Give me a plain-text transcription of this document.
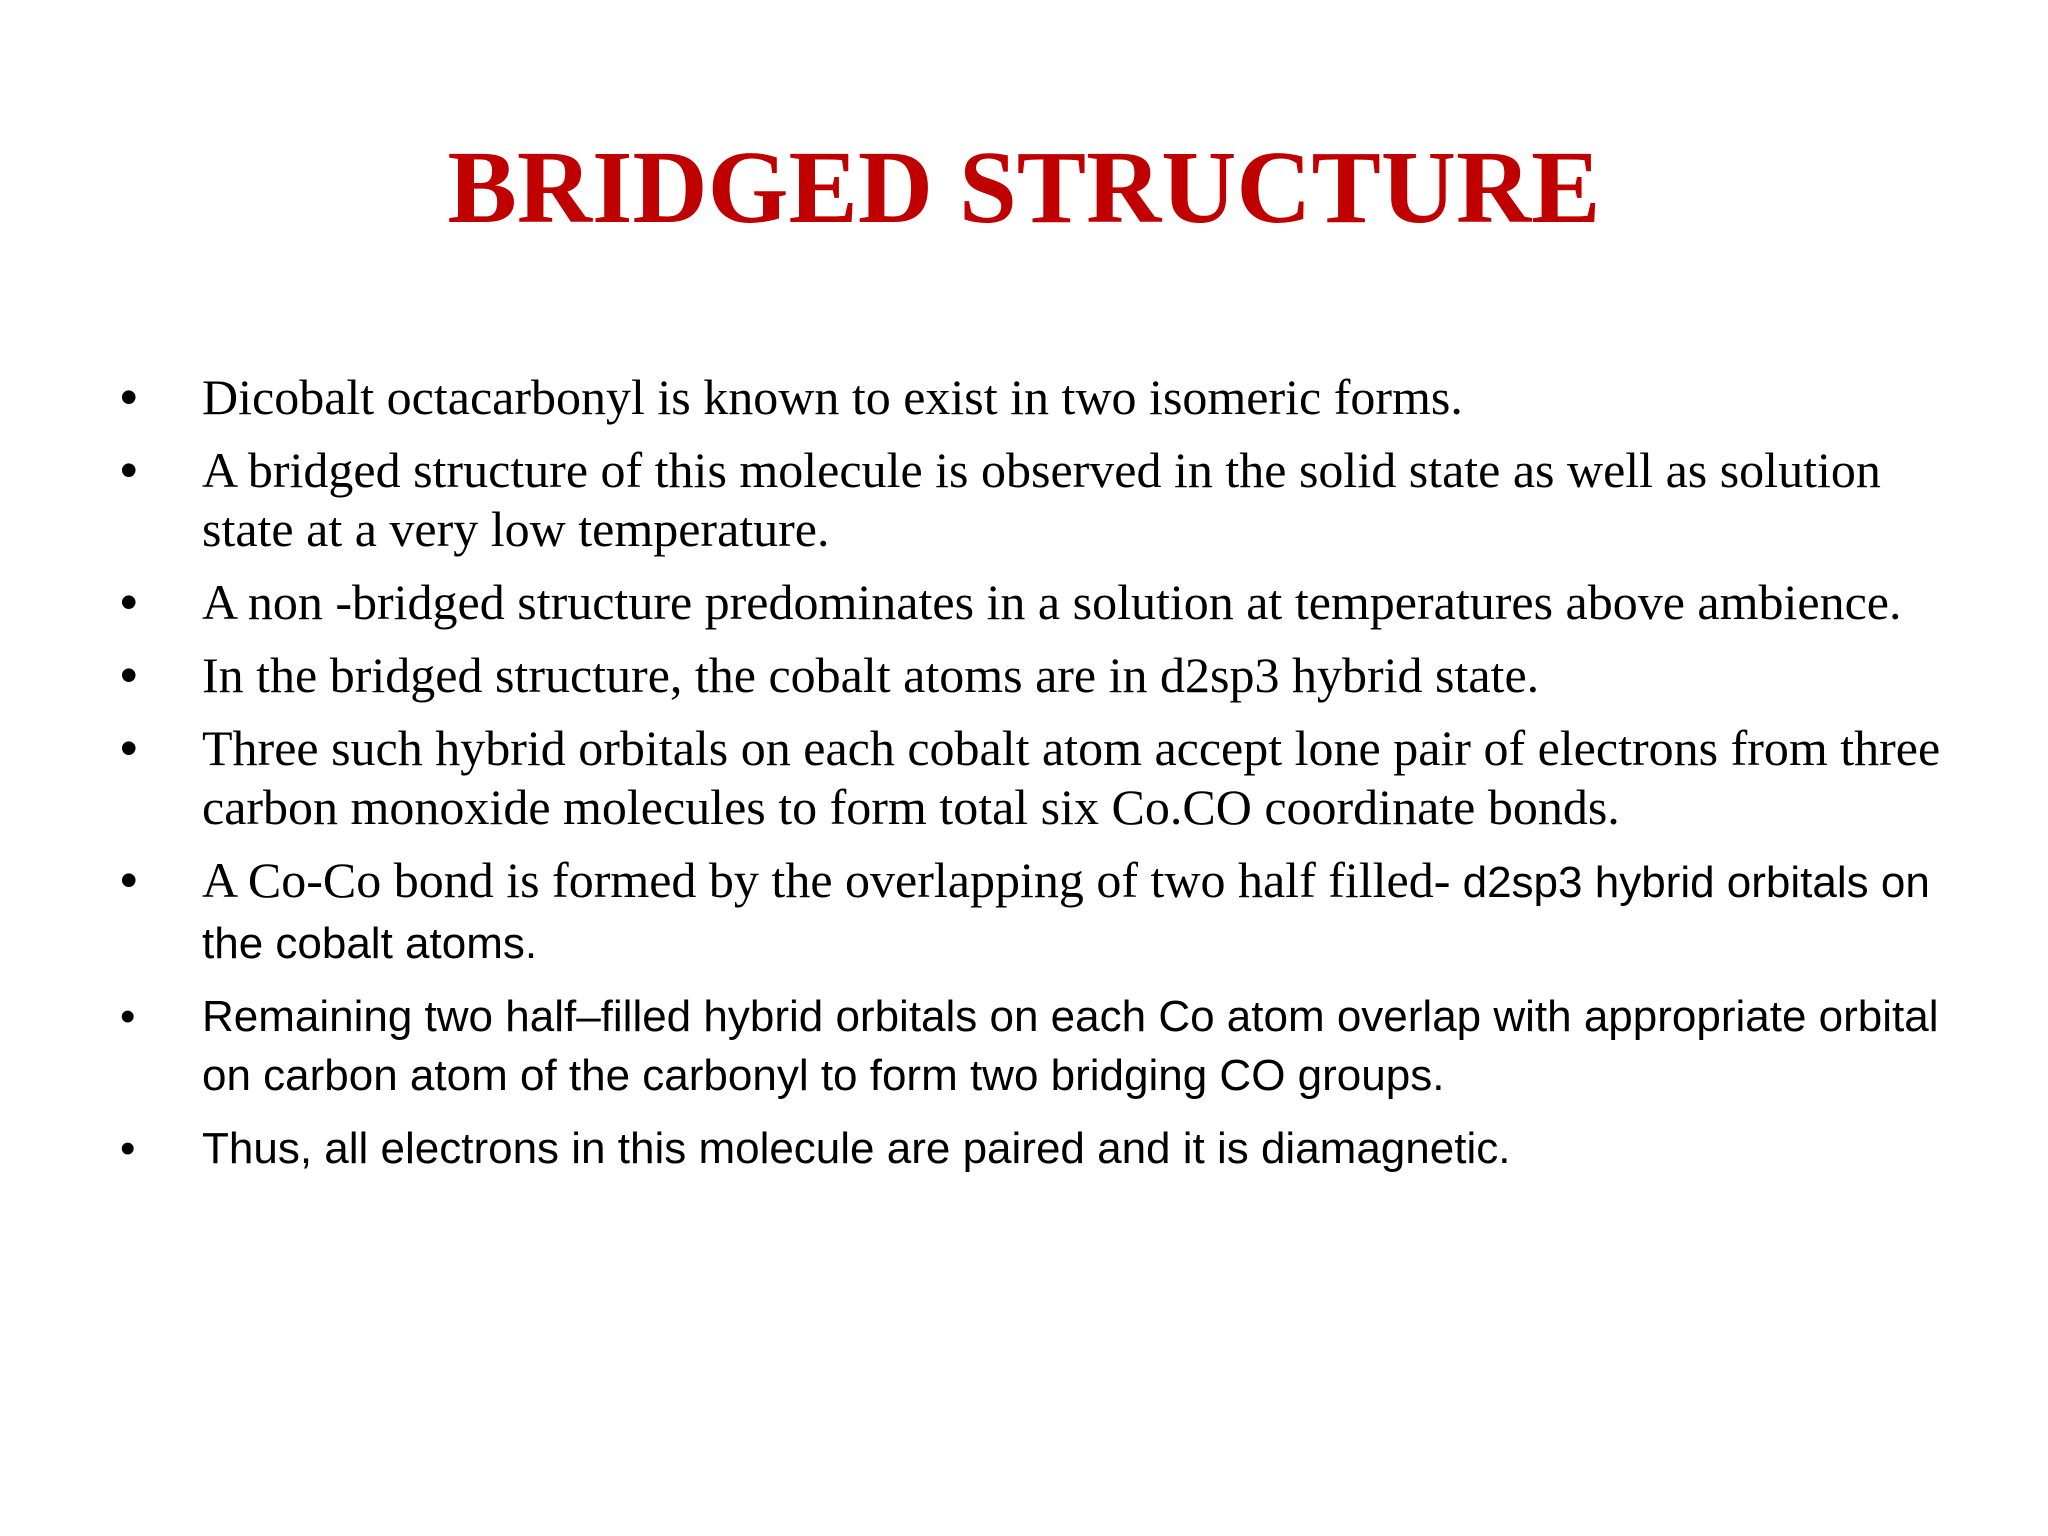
BRIDGED STRUCTURE
• Dicobalt octacarbonyl is known to exist in two isomeric forms.
• A bridged structure of this molecule is observed in the solid state as well as solution state at a very low temperature.
• A non -bridged structure predominates in a solution at temperatures above ambience.
• In the bridged structure, the cobalt atoms are in d2sp3 hybrid state.
• Three such hybrid orbitals on each cobalt atom accept lone pair of electrons from three carbon monoxide molecules to form total six Co.CO coordinate bonds.
• A Co-Co bond is formed by the overlapping of two half filled- d2sp3 hybrid orbitals on the cobalt atoms.
• Remaining two half–filled hybrid orbitals on each Co atom overlap with appropriate orbital on carbon atom of the carbonyl to form two bridging CO groups.
• Thus, all electrons in this molecule are paired and it is diamagnetic.
